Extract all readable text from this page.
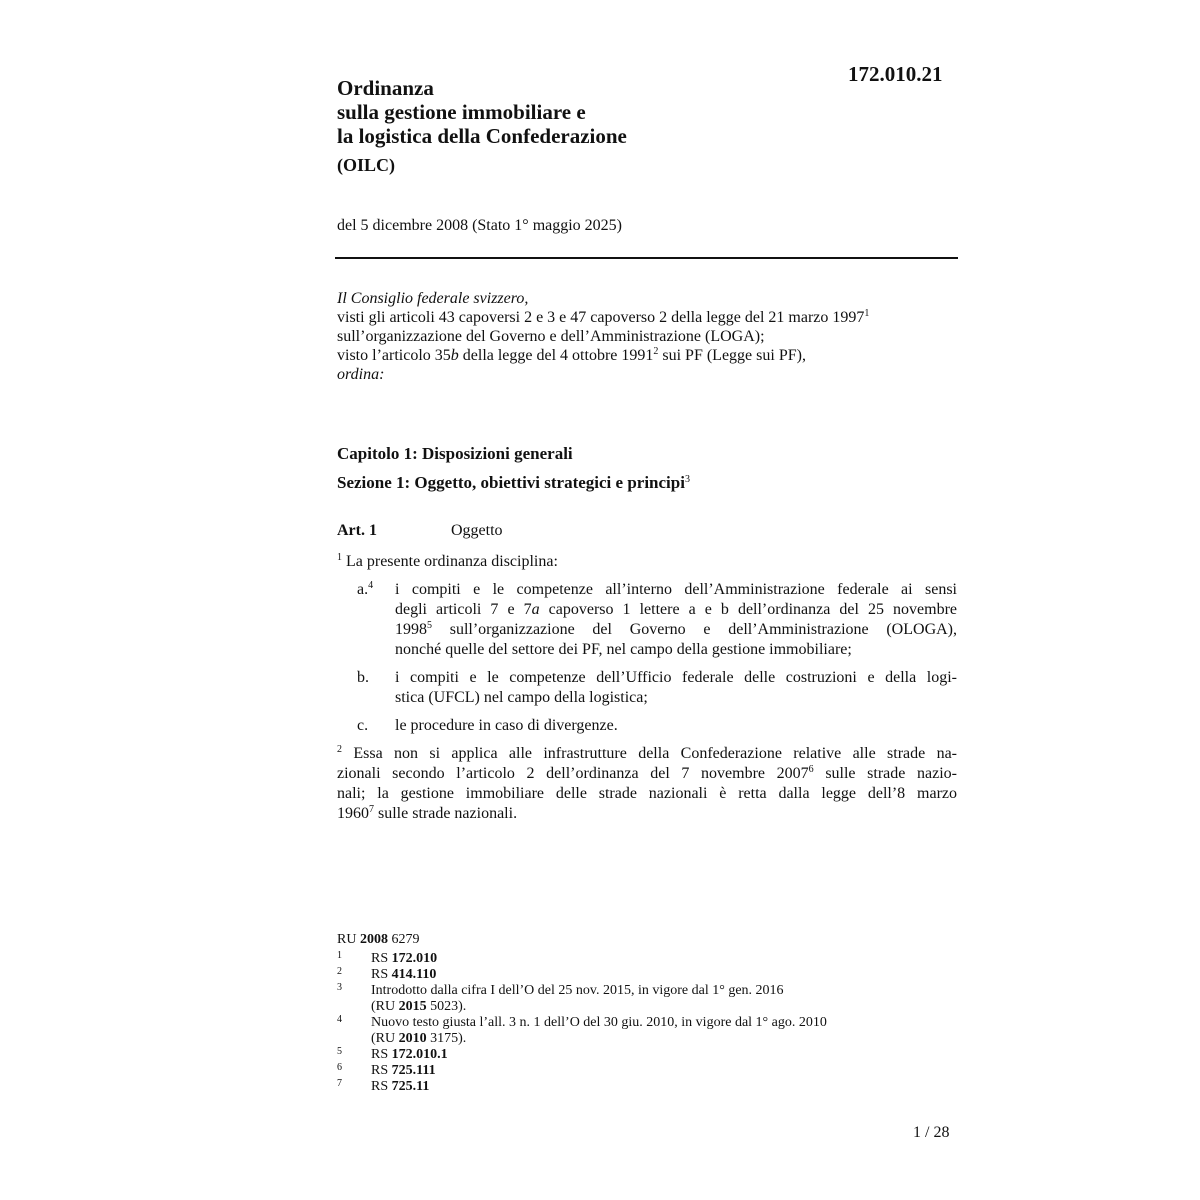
172.010.21
Ordinanza
sulla gestione immobiliare e
la logistica della Confederazione
(OILC)
del 5 dicembre 2008 (Stato 1° maggio 2025)
Il Consiglio federale svizzero,
visti gli articoli 43 capoversi 2 e 3 e 47 capoverso 2 della legge del 21 marzo 1997$^1$
sull’organizzazione del Governo e dell’Amministrazione (LOGA);
visto l’articolo 35b della legge del 4 ottobre 1991$^2$ sui PF (Legge sui PF),
ordina:
Capitolo 1: Disposizioni generali
Sezione 1: Oggetto, obiettivi strategici e principi$^3$
Art. 1	Oggetto
$^1$ La presente ordinanza disciplina:
a.$^4$ i compiti e le competenze all’interno dell’Amministrazione federale ai sensi
degli articoli 7 e 7a capoverso 1 lettere a e b dell’ordinanza del 25 novembre
1998$^5$ sull’organizzazione del Governo e dell’Amministrazione (OLOGA),
nonché quelle del settore dei PF, nel campo della gestione immobiliare;
b. i compiti e le competenze dell’Ufficio federale delle costruzioni e della logi-
stica (UFCL) nel campo della logistica;
c. le procedure in caso di divergenze.
$^2$ Essa non si applica alle infrastrutture della Confederazione relative alle strade na-
zionali secondo l’articolo 2 dell’ordinanza del 7 novembre 2007$^6$ sulle strade nazio-
nali; la gestione immobiliare delle strade nazionali è retta dalla legge dell’8 marzo
1960$^7$ sulle strade nazionali.
RU 2008 6279
1 RS 172.010
2 RS 414.110
3 Introdotto dalla cifra I dell’O del 25 nov. 2015, in vigore dal 1° gen. 2016
(RU 2015 5023).
4 Nuovo testo giusta l’all. 3 n. 1 dell’O del 30 giu. 2010, in vigore dal 1° ago. 2010
(RU 2010 3175).
5 RS 172.010.1
6 RS 725.111
7 RS 725.11
1 / 28
